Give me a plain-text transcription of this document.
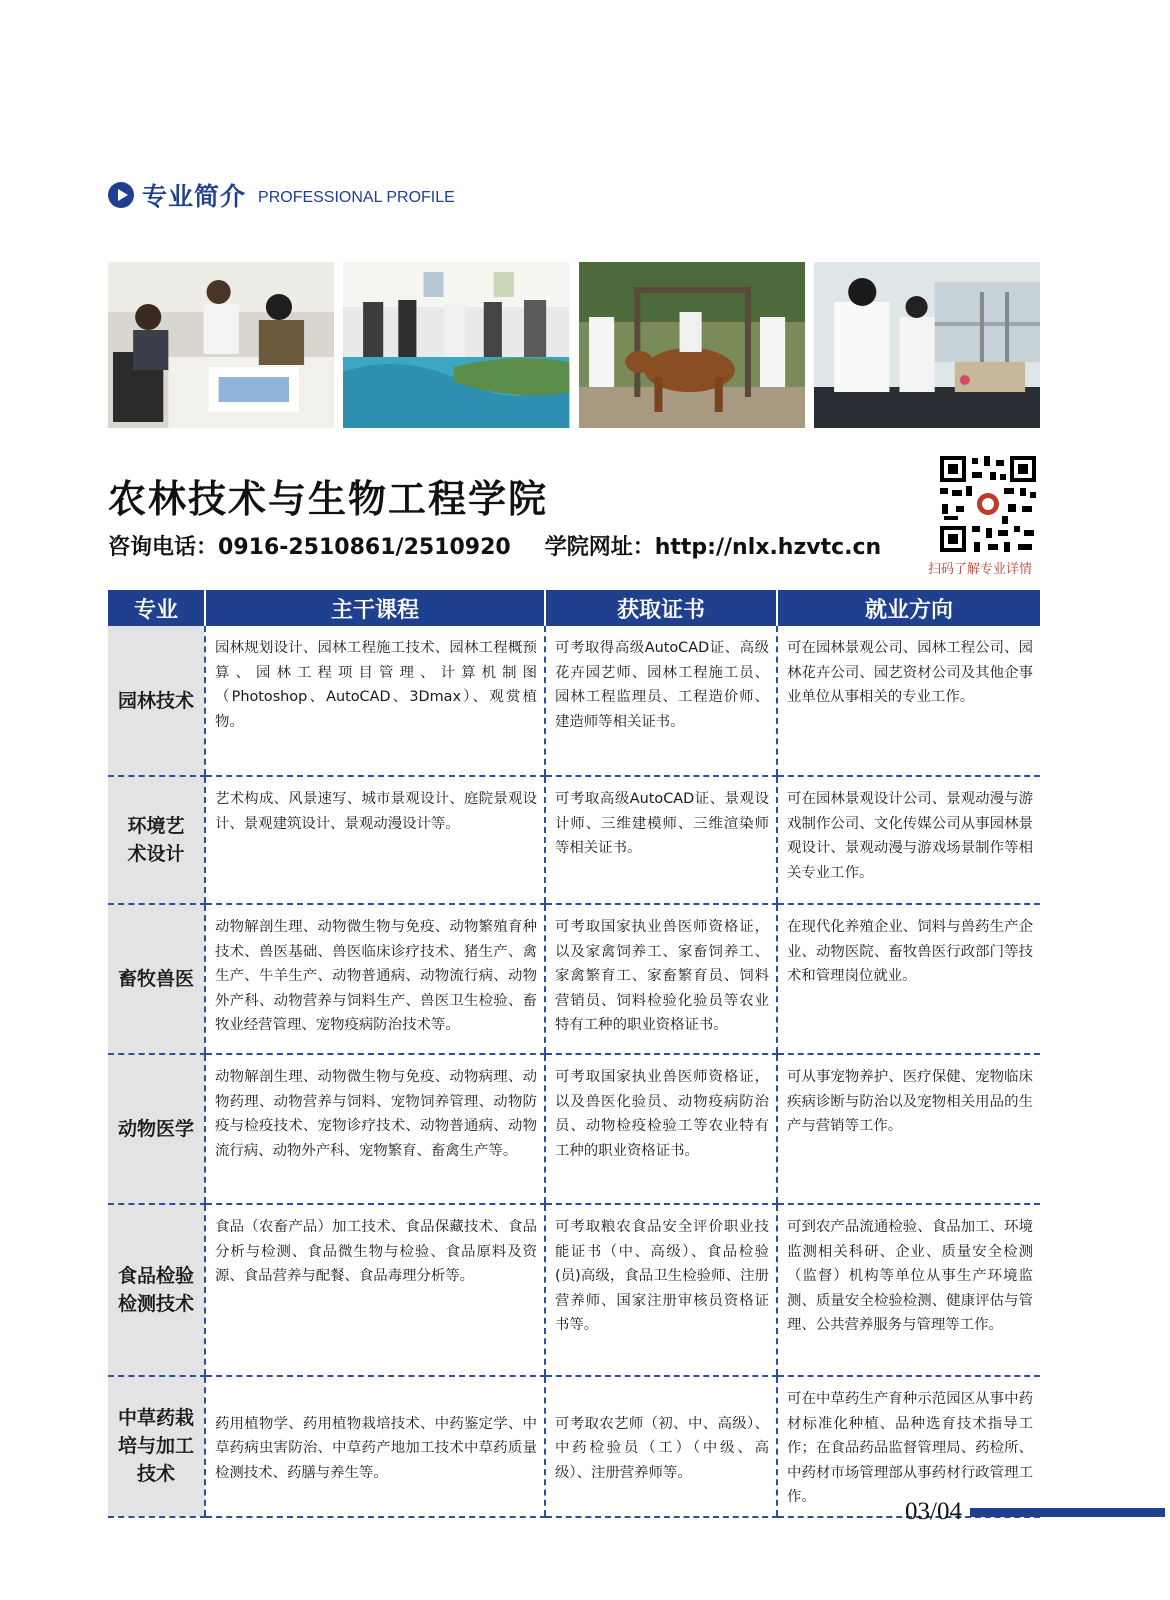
专业简介 PROFESSIONAL PROFILE
农林技术与生物工程学院
咨询电话：0916-2510861/2510920 学院网址：http://nlx.hzvtc.cn
扫码了解专业详情
专业	主干课程	获取证书	就业方向
园林技术	园林规划设计、园林工程施工技术、园林工程概预算、园林工程项目管理、计算机制图（Photoshop、AutoCAD、3Dmax）、观赏植物。	可考取得高级AutoCAD证、高级花卉园艺师、园林工程施工员、园林工程监理员、工程造价师、建造师等相关证书。	可在园林景观公司、园林工程公司、园林花卉公司、园艺资材公司及其他企事业单位从事相关的专业工作。
环境艺术设计	艺术构成、风景速写、城市景观设计、庭院景观设计、景观建筑设计、景观动漫设计等。	可考取高级AutoCAD证、景观设计师、三维建模师、三维渲染师等相关证书。	可在园林景观设计公司、景观动漫与游戏制作公司、文化传媒公司从事园林景观设计、景观动漫与游戏场景制作等相关专业工作。
畜牧兽医	动物解剖生理、动物微生物与免疫、动物繁殖育种技术、兽医基础、兽医临床诊疗技术、猪生产、禽生产、牛羊生产、动物普通病、动物流行病、动物外产科、动物营养与饲料生产、兽医卫生检验、畜牧业经营管理、宠物疫病防治技术等。	可考取国家执业兽医师资格证，以及家禽饲养工、家畜饲养工、家禽繁育工、家畜繁育员、饲料营销员、饲料检验化验员等农业特有工种的职业资格证书。	在现代化养殖企业、饲料与兽药生产企业、动物医院、畜牧兽医行政部门等技术和管理岗位就业。
动物医学	动物解剖生理、动物微生物与免疫、动物病理、动物药理、动物营养与饲料、宠物饲养管理、动物防疫与检疫技术、宠物诊疗技术、动物普通病、动物流行病、动物外产科、宠物繁育、畜禽生产等。	可考取国家执业兽医师资格证，以及兽医化验员、动物疫病防治员、动物检疫检验工等农业特有工种的职业资格证书。	可从事宠物养护、医疗保健、宠物临床疾病诊断与防治以及宠物相关用品的生产与营销等工作。
食品检验检测技术	食品（农畜产品）加工技术、食品保藏技术、食品分析与检测、食品微生物与检验、食品原料及资源、食品营养与配餐、食品毒理分析等。	可考取粮农食品安全评价职业技能证书（中、高级）、食品检验(员)高级，食品卫生检验师、注册营养师、国家注册审核员资格证书等。	可到农产品流通检验、食品加工、环境监测相关科研、企业、质量安全检测（监督）机构等单位从事生产环境监测、质量安全检验检测、健康评估与管理、公共营养服务与管理等工作。
中草药栽培与加工技术	药用植物学、药用植物栽培技术、中药鉴定学、中草药病虫害防治、中草药产地加工技术中草药质量检测技术、药膳与养生等。	可考取农艺师（初、中、高级）、中药检验员（工）（中级、高级）、注册营养师等。	可在中草药生产育种示范园区从事中药材标准化种植、品种选育技术指导工作；在食品药品监督管理局、药检所、中药材市场管理部从事药材行政管理工作。
03/04
